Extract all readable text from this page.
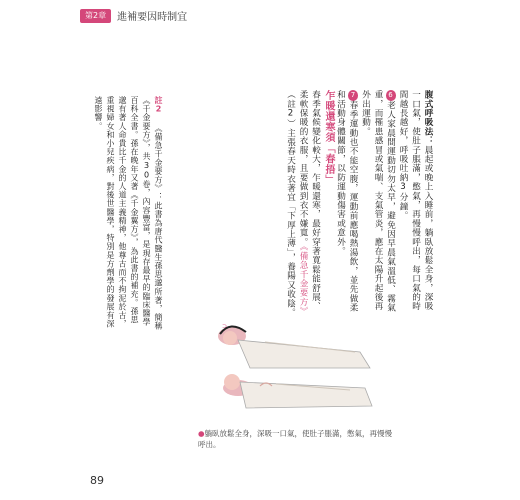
第2章	進補要因時制宜

腹式呼吸法：晨起或晚上入睡前，躺臥放鬆全身，深吸一口氣，使肚子脹滿，憋氣，再慢慢呼出，每口氣的時間越長越好，呼吸吐納3分鐘。

6老人家晨間運動切勿太早，避免因早晨氣溫低、霧氣重，而罹患感冒或氣喘、支氣管炎，應在太陽升起後再外出運動。

7春季運動也不能空腹，運動前應喝熱湯飲，並先做柔和活動身體關節，以防運動傷害或意外。

乍暖還寒須「春捂」

春季氣候變化較大，乍暖還寒，最好穿著寬鬆能舒展、柔軟保暖的衣服，且要做到衣不嫌寬。《備急千金要方》（註2）主張春天時衣著宜「下厚上薄」，養陽又收陰。

註2 《備急千金要方》：此書為唐代醫生孫思邈所著，簡稱《千金要方》，共30卷，內容豐富，是現存最早的臨床醫學百科全書。孫在晚年又著《千金翼方》，為此書的補充。孫思邈有著人命貴比千金的人道主義精神，他尊古而不拘泥於古，重視婦女和小兒疾病，對後世醫學，特別是方劑學的發展有深遠影響。
⊃
●躺臥放鬆全身，深吸一口氣，使肚子脹滿，憋氣，再慢慢呼出。
89
